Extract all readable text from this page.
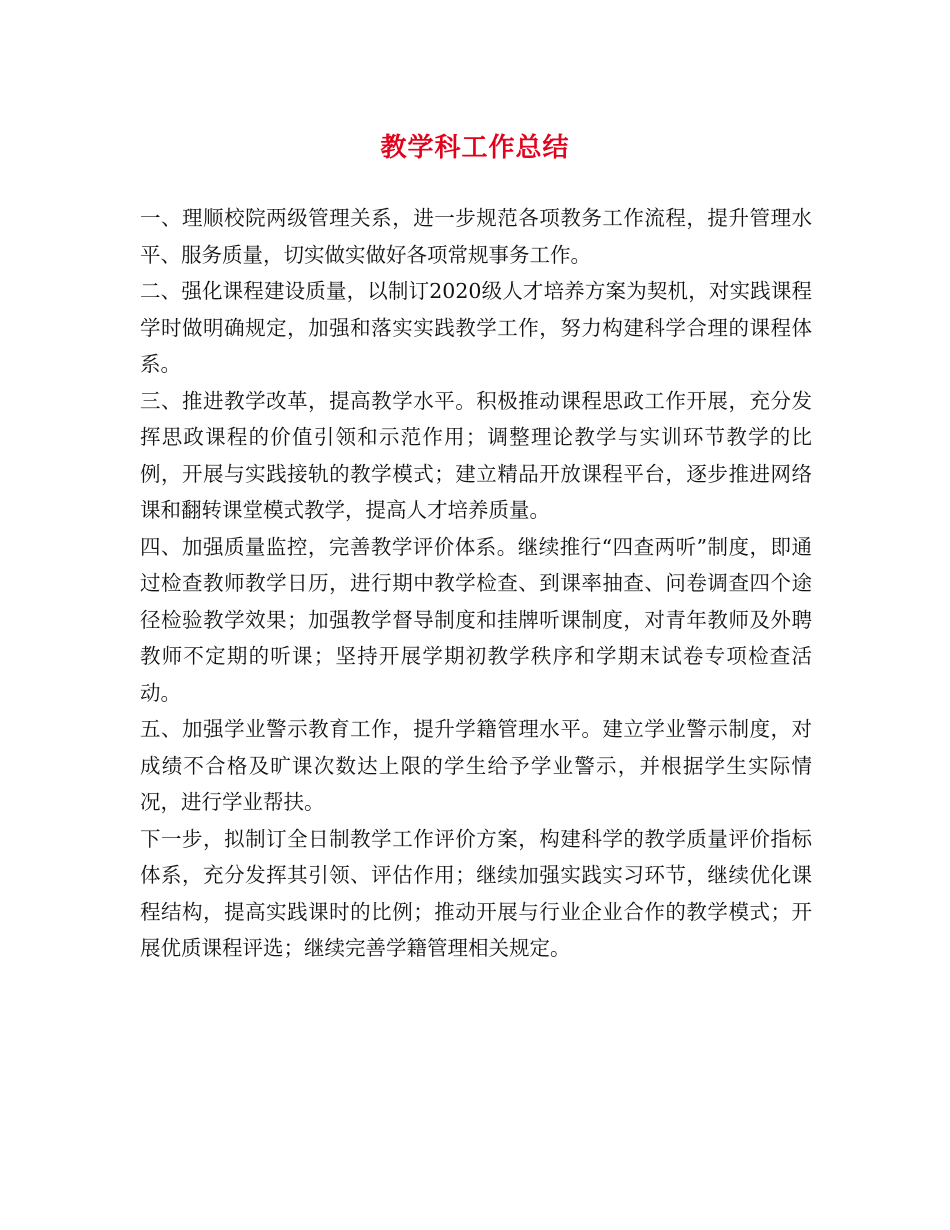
教学科工作总结

一、理顺校院两级管理关系，进一步规范各项教务工作流程，提升管理水平、服务质量，切实做实做好各项常规事务工作。

二、强化课程建设质量，以制订2020级人才培养方案为契机，对实践课程学时做明确规定，加强和落实实践教学工作，努力构建科学合理的课程体系。

三、推进教学改革，提高教学水平。积极推动课程思政工作开展，充分发挥思政课程的价值引领和示范作用；调整理论教学与实训环节教学的比例，开展与实践接轨的教学模式；建立精品开放课程平台，逐步推进网络课和翻转课堂模式教学，提高人才培养质量。

四、加强质量监控，完善教学评价体系。继续推行“四查两听”制度，即通过检查教师教学日历，进行期中教学检查、到课率抽查、问卷调查四个途径检验教学效果；加强教学督导制度和挂牌听课制度，对青年教师及外聘教师不定期的听课；坚持开展学期初教学秩序和学期末试卷专项检查活动。

五、加强学业警示教育工作，提升学籍管理水平。建立学业警示制度，对成绩不合格及旷课次数达上限的学生给予学业警示，并根据学生实际情况，进行学业帮扶。

下一步，拟制订全日制教学工作评价方案，构建科学的教学质量评价指标体系，充分发挥其引领、评估作用；继续加强实践实习环节，继续优化课程结构，提高实践课时的比例；推动开展与行业企业合作的教学模式；开展优质课程评选；继续完善学籍管理相关规定。
